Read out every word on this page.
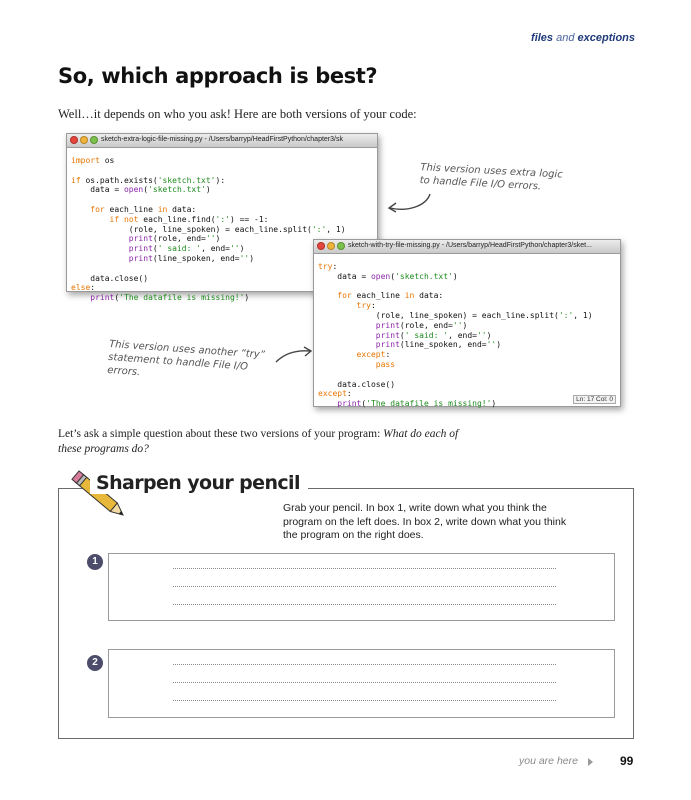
files and exceptions
So, which approach is best?
Well…it depends on who you ask! Here are both versions of your code:
sketch-extra-logic-file-missing.py - /Users/barryp/HeadFirstPython/chapter3/sk
import os

if os.path.exists('sketch.txt'):
data = open('sketch.txt')

for each_line in data:
if not each_line.find(':') == -1:
(role, line_spoken) = each_line.split(':', 1)
print(role, end='')
print(' said: ', end='')
print(line_spoken, end='')

data.close()
else:
print('The datafile is missing!')
sketch-with-try-file-missing.py - /Users/barryp/HeadFirstPython/chapter3/sket...
try:
data = open('sketch.txt')

for each_line in data:
try:
(role, line_spoken) = each_line.split(':', 1)
print(role, end='')
print(' said: ', end='')
print(line_spoken, end='')
except:
pass

data.close()
except:
print('The datafile is missing!')	Ln: 17 Col: 0
This version uses extra logic to handle File I/O errors.
This version uses another “try” statement to handle File I/O errors.
Let’s ask a simple question about these two versions of your program: What do each of these programs do?
Sharpen your pencil
Grab your pencil. In box 1, write down what you think the program on the left does. In box 2, write down what you think the program on the right does.
1
2
you are here	99
